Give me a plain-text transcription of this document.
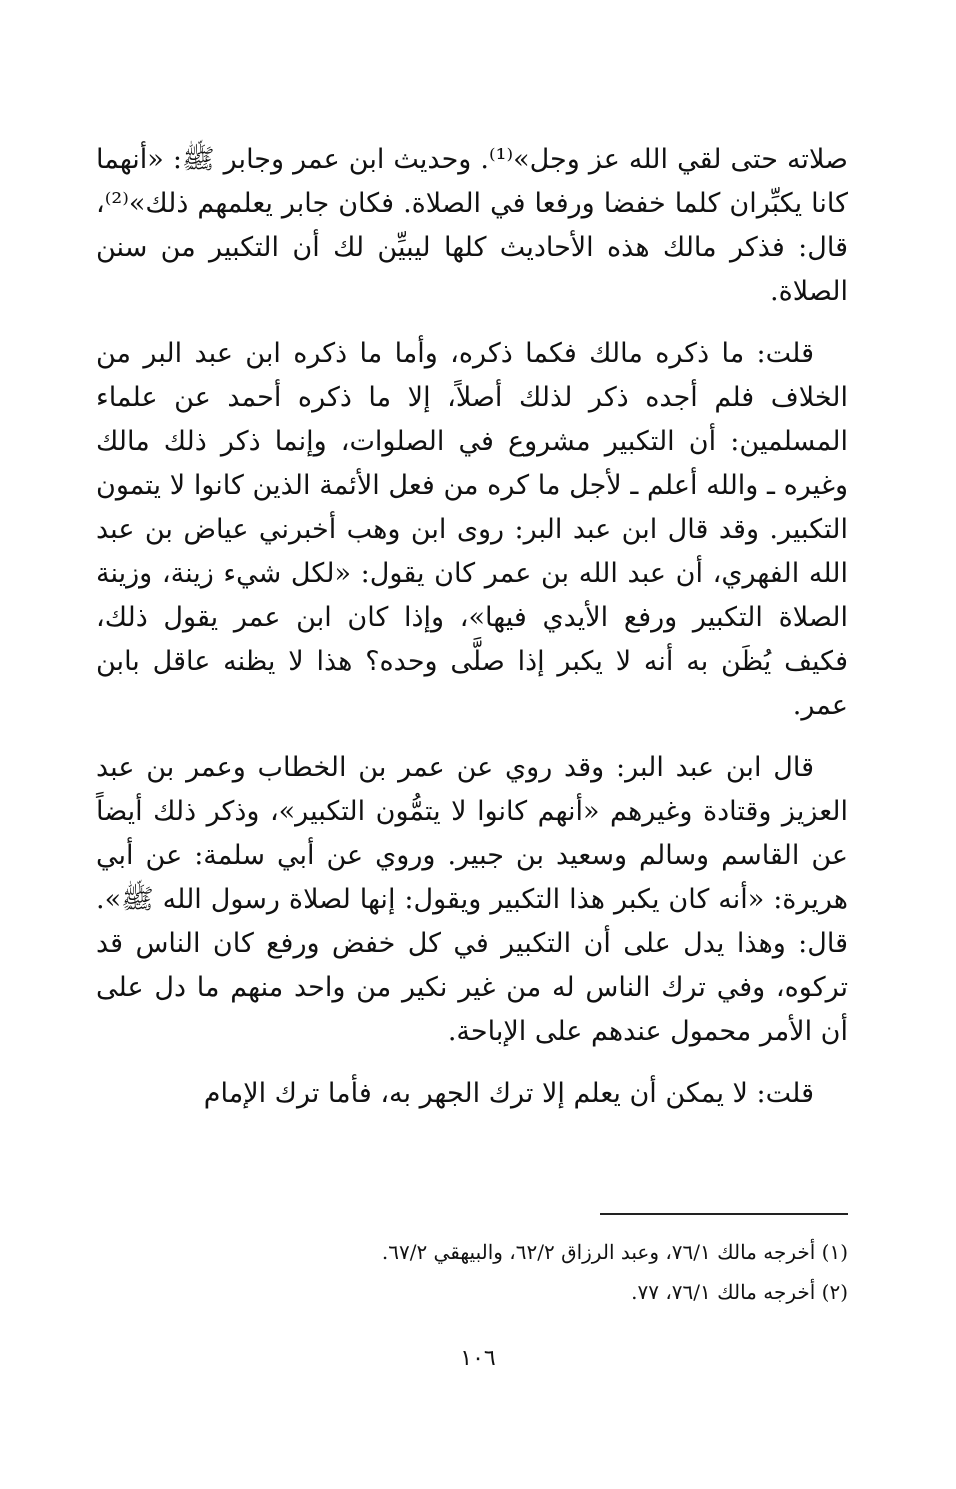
صلاته حتى لقي الله عز وجل»⁽¹⁾. وحديث ابن عمر وجابر ﷺ: «أنهما كانا يكبِّران كلما خفضا ورفعا في الصلاة. فكان جابر يعلمهم ذلك»⁽²⁾، قال: فذكر مالك هذه الأحاديث كلها ليبيِّن لك أن التكبير من سنن الصلاة.

قلت: ما ذكره مالك فكما ذكره، وأما ما ذكره ابن عبد البر من الخلاف فلم أجده ذكر لذلك أصلاً، إلا ما ذكره أحمد عن علماء المسلمين: أن التكبير مشروع في الصلوات، وإنما ذكر ذلك مالك وغيره ـ والله أعلم ـ لأجل ما كره من فعل الأئمة الذين كانوا لا يتمون التكبير. وقد قال ابن عبد البر: روى ابن وهب أخبرني عياض بن عبد الله الفهري، أن عبد الله بن عمر كان يقول: «لكل شيء زينة، وزينة الصلاة التكبير ورفع الأيدي فيها»، وإذا كان ابن عمر يقول ذلك، فكيف يُظَن به أنه لا يكبر إذا صلَّى وحده؟ هذا لا يظنه عاقل بابن عمر.

قال ابن عبد البر: وقد روي عن عمر بن الخطاب وعمر بن عبد العزيز وقتادة وغيرهم «أنهم كانوا لا يتمُّون التكبير»، وذكر ذلك أيضاً عن القاسم وسالم وسعيد بن جبير. وروي عن أبي سلمة: عن أبي هريرة: «أنه كان يكبر هذا التكبير ويقول: إنها لصلاة رسول الله ﷺ». قال: وهذا يدل على أن التكبير في كل خفض ورفع كان الناس قد تركوه، وفي ترك الناس له من غير نكير من واحد منهم ما دل على أن الأمر محمول عندهم على الإباحة.

قلت: لا يمكن أن يعلم إلا ترك الجهر به، فأما ترك الإمام

(١) أخرجه مالك ٧٦/١، وعبد الرزاق ٦٢/٢، والبيهقي ٦٧/٢.

(٢) أخرجه مالك ٧٦/١، ٧٧.

١٠٦
